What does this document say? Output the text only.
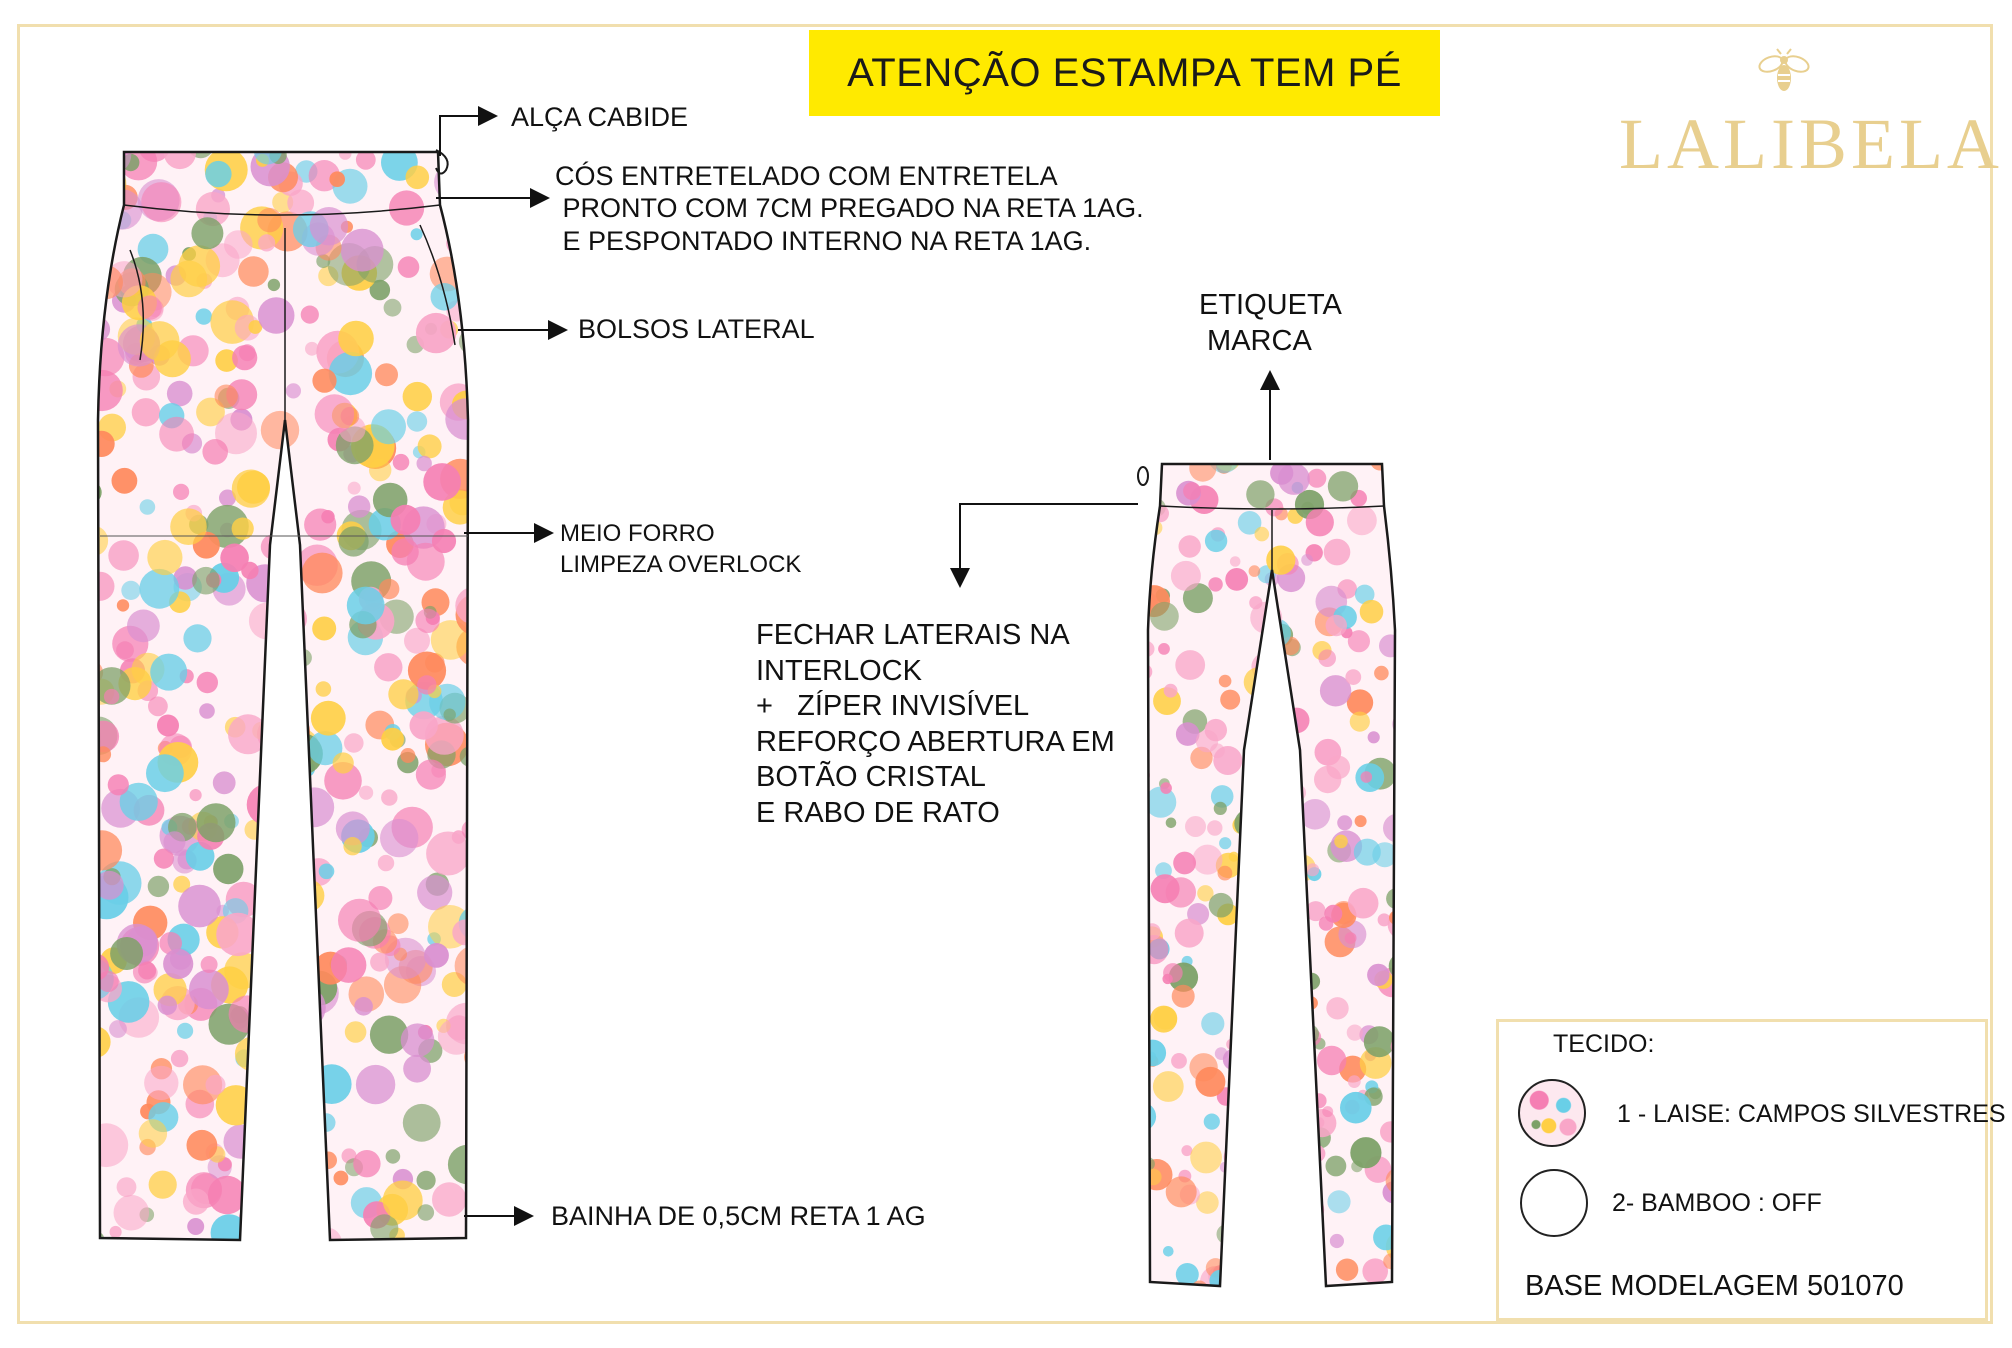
ATENÇÃO ESTAMPA TEM PÉ
LALIBELA
ALÇA CABIDE
CÓS ENTRETELADO COM ENTRETELA
PRONTO COM 7CM PREGADO NA RETA 1AG.
E PESPONTADO INTERNO NA RETA 1AG.
BOLSOS LATERAL
MEIO FORRO
LIMPEZA OVERLOCK
BAINHA DE 0,5CM RETA 1 AG
ETIQUETA
MARCA
FECHAR LATERAIS NA
INTERLOCK
+   ZÍPER INVISÍVEL
REFORÇO ABERTURA EM
BOTÃO CRISTAL
E RABO DE RATO
TECIDO:
1 - LAISE: CAMPOS SILVESTRES
2- BAMBOO : OFF
BASE MODELAGEM 501070
